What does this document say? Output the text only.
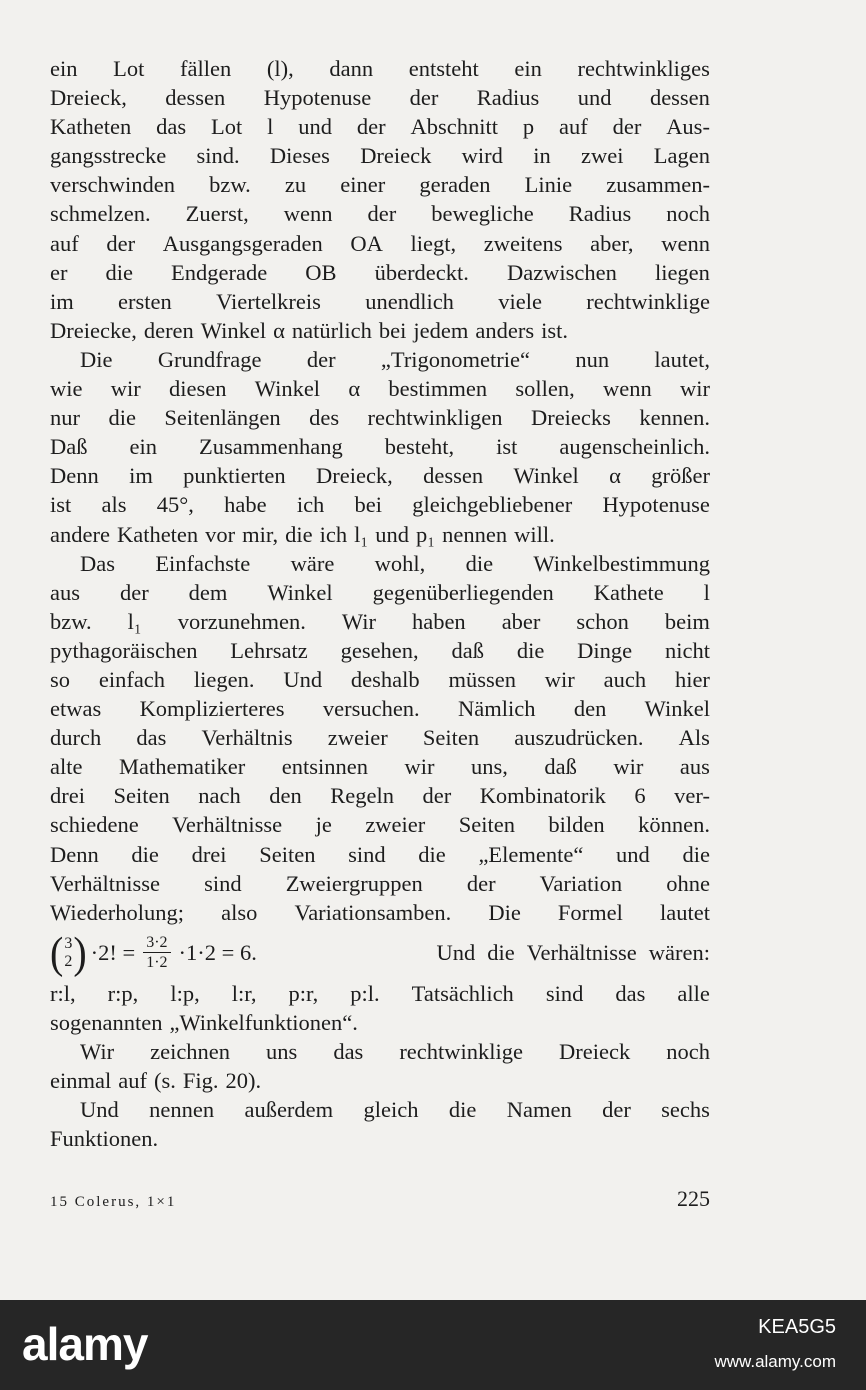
ein Lot fällen (l), dann entsteht ein rechtwinkliges
Dreieck, dessen Hypotenuse der Radius und dessen
Katheten das Lot l und der Abschnitt p auf der Aus-
gangsstrecke sind. Dieses Dreieck wird in zwei Lagen
verschwinden bzw. zu einer geraden Linie zusammen-
schmelzen. Zuerst, wenn der bewegliche Radius noch
auf der Ausgangsgeraden OA liegt, zweitens aber, wenn
er die Endgerade OB überdeckt. Dazwischen liegen
im ersten Viertelkreis unendlich viele rechtwinklige
Dreiecke, deren Winkel α natürlich bei jedem anders ist.
Die Grundfrage der „Trigonometrie“ nun lautet,
wie wir diesen Winkel α bestimmen sollen, wenn wir
nur die Seitenlängen des rechtwinkligen Dreiecks kennen.
Daß ein Zusammenhang besteht, ist augenscheinlich.
Denn im punktierten Dreieck, dessen Winkel α größer
ist als 45°, habe ich bei gleichgebliebener Hypotenuse
andere Katheten vor mir, die ich l₁ und p₁ nennen will.
Das Einfachste wäre wohl, die Winkelbestimmung
aus der dem Winkel gegenüberliegenden Kathete l
bzw. l₁ vorzunehmen. Wir haben aber schon beim
pythagoräischen Lehrsatz gesehen, daß die Dinge nicht
so einfach liegen. Und deshalb müssen wir auch hier
etwas Komplizierteres versuchen. Nämlich den Winkel
durch das Verhältnis zweier Seiten auszudrücken. Als
alte Mathematiker entsinnen wir uns, daß wir aus
drei Seiten nach den Regeln der Kombinatorik 6 ver-
schiedene Verhältnisse je zweier Seiten bilden können.
Denn die drei Seiten sind die „Elemente“ und die
Verhältnisse sind Zweiergruppen der Variation ohne
Wiederholung; also Variationsamben. Die Formel lautet
( 3
2 ) ·2! = $\frac{3\cdot 2}{1\cdot 2} \cdot 1\cdot 2 = 6$.	Und die Verhältnisse wären:
r:l, r:p, l:p, l:r, p:r, p:l. Tatsächlich sind das alle
sogenannten „Winkelfunktionen“.
Wir zeichnen uns das rechtwinklige Dreieck noch
einmal auf (s. Fig. 20).
Und nennen außerdem gleich die Namen der sechs
Funktionen.
15 Colerus, 1×1	225
alamy	KEA5G5
www.alamy.com
